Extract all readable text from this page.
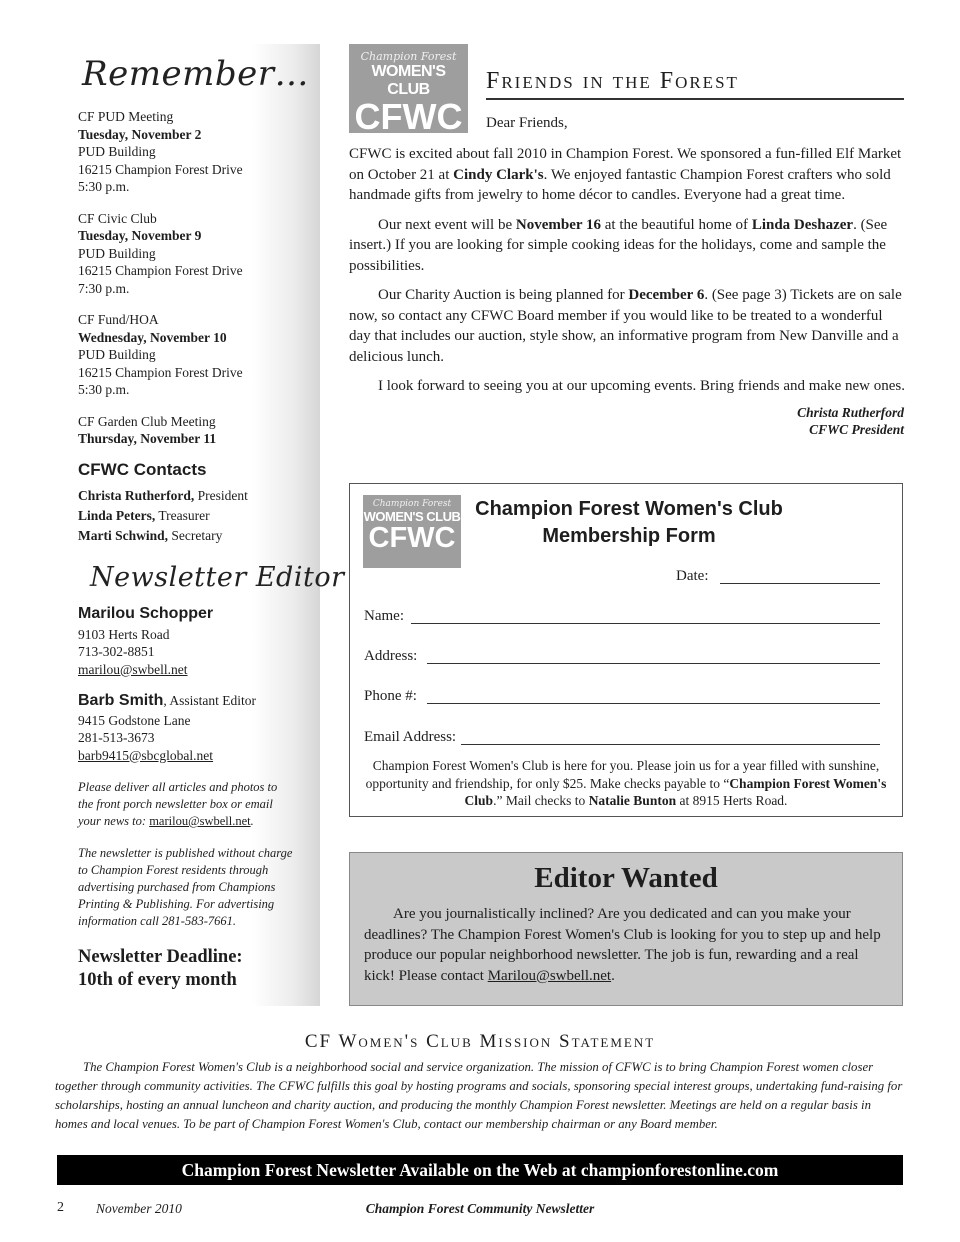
Remember…
CF PUD Meeting
Tuesday, November 2
PUD Building
16215 Champion Forest Drive
5:30 p.m.
CF Civic Club
Tuesday, November 9
PUD Building
16215 Champion Forest Drive
7:30 p.m.
CF Fund/HOA
Wednesday, November 10
PUD Building
16215 Champion Forest Drive
5:30 p.m.
CF Garden Club Meeting
Thursday, November 11
CFWC Contacts
Christa Rutherford, President
Linda Peters, Treasurer
Marti Schwind, Secretary
Newsletter Editor
Marilou Schopper
9103 Herts Road
713-302-8851
marilou@swbell.net
Barb Smith, Assistant Editor
9415 Godstone Lane
281-513-3673
barb9415@sbcglobal.net
Please deliver all articles and photos to the front porch newsletter box or email your news to: marilou@swbell.net.
The newsletter is published without charge to Champion Forest residents through advertising purchased from Champions Printing & Publishing. For advertising information call 281-583-7661.
Newsletter Deadline:
10th of every month
Champion Forest
WOMEN'S CLUB
CFWC
Friends in the Forest
Dear Friends,

CFWC is excited about fall 2010 in Champion Forest. We sponsored a fun-filled Elf Market on October 21 at Cindy Clark's. We enjoyed fantastic Champion Forest crafters who sold handmade gifts from jewelry to home décor to candles. Everyone had a great time.

Our next event will be November 16 at the beautiful home of Linda Deshazer. (See insert.) If you are looking for simple cooking ideas for the holidays, come and sample the possibilities.

Our Charity Auction is being planned for December 6. (See page 3) Tickets are on sale now, so contact any CFWC Board member if you would like to be treated to a wonderful day that includes our auction, style show, an informative program from New Danville and a delicious lunch.

I look forward to seeing you at our upcoming events. Bring friends and make new ones.

Christa Rutherford
CFWC President
Champion Forest
WOMEN'S CLUB
CFWC
Champion Forest Women's Club
Membership Form
Date:
Name:
Address:
Phone #:
Email Address:
Champion Forest Women's Club is here for you. Please join us for a year filled with sunshine, opportunity and friendship, for only $25. Make checks payable to “Champion Forest Women's Club.” Mail checks to Natalie Bunton at 8915 Herts Road.
Editor Wanted
Are you journalistically inclined? Are you dedicated and can you make your deadlines? The Champion Forest Women's Club is looking for you to step up and help produce our popular neighborhood newsletter. The job is fun, rewarding and a real kick! Please contact Marilou@swbell.net.
CF Women's Club Mission Statement
The Champion Forest Women's Club is a neighborhood social and service organization. The mission of CFWC is to bring Champion Forest women closer together through community activities. The CFWC fulfills this goal by hosting programs and socials, sponsoring special interest groups, undertaking fund-raising for scholarships, hosting an annual luncheon and charity auction, and producing the monthly Champion Forest newsletter. Meetings are held on a regular basis in homes and local venues. To be part of Champion Forest Women's Club, contact our membership chairman or any Board member.
Champion Forest Newsletter Available on the Web at championforestonline.com
2 November 2010	Champion Forest Community Newsletter
